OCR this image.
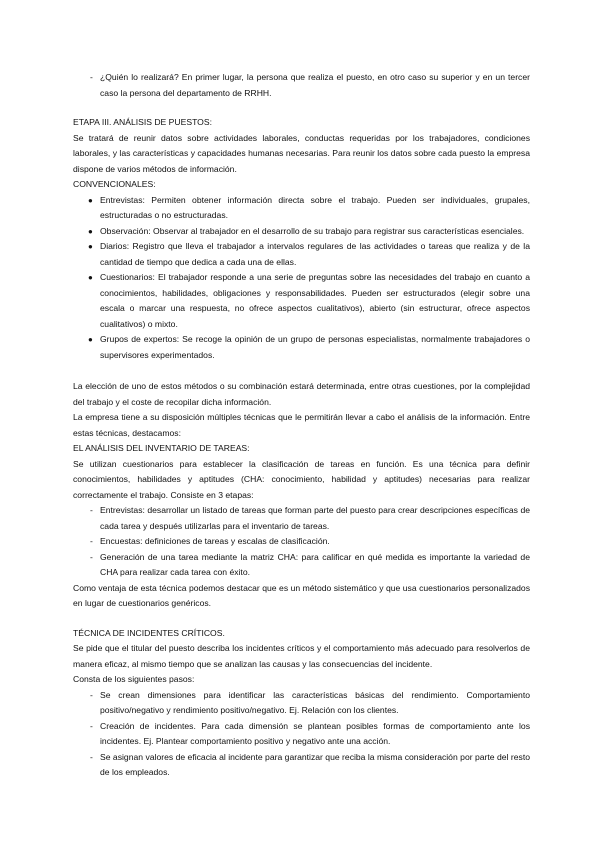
- ¿Quién lo realizará? En primer lugar, la persona que realiza el puesto, en otro caso su superior y en un tercer caso la persona del departamento de RRHH.

ETAPA III. ANÁLISIS DE PUESTOS:

Se tratará de reunir datos sobre actividades laborales, conductas requeridas por los trabajadores, condiciones laborales, y las características y capacidades humanas necesarias. Para reunir los datos sobre cada puesto la empresa dispone de varios métodos de información.

CONVENCIONALES:

● Entrevistas: Permiten obtener información directa sobre el trabajo. Pueden ser individuales, grupales, estructuradas o no estructuradas.
● Observación: Observar al trabajador en el desarrollo de su trabajo para registrar sus características esenciales.
● Diarios: Registro que lleva el trabajador a intervalos regulares de las actividades o tareas que realiza y de la cantidad de tiempo que dedica a cada una de ellas.
● Cuestionarios: El trabajador responde a una serie de preguntas sobre las necesidades del trabajo en cuanto a conocimientos, habilidades, obligaciones y responsabilidades. Pueden ser estructurados (elegir sobre una escala o marcar una respuesta, no ofrece aspectos cualitativos), abierto (sin estructurar, ofrece aspectos cualitativos) o mixto.
● Grupos de expertos: Se recoge la opinión de un grupo de personas especialistas, normalmente trabajadores o supervisores experimentados.

La elección de uno de estos métodos o su combinación estará determinada, entre otras cuestiones, por la complejidad del trabajo y el coste de recopilar dicha información.

La empresa tiene a su disposición múltiples técnicas que le permitirán llevar a cabo el análisis de la información. Entre estas técnicas, destacamos:

EL ANÁLISIS DEL INVENTARIO DE TAREAS:

Se utilizan cuestionarios para establecer la clasificación de tareas en función. Es una técnica para definir conocimientos, habilidades y aptitudes (CHA: conocimiento, habilidad y aptitudes) necesarias para realizar correctamente el trabajo. Consiste en 3 etapas:

- Entrevistas: desarrollar un listado de tareas que forman parte del puesto para crear descripciones específicas de cada tarea y después utilizarlas para el inventario de tareas.
- Encuestas: definiciones de tareas y escalas de clasificación.
- Generación de una tarea mediante la matriz CHA: para calificar en qué medida es importante la variedad de CHA para realizar cada tarea con éxito.

Como ventaja de esta técnica podemos destacar que es un método sistemático y que usa cuestionarios personalizados en lugar de cuestionarios genéricos.

TÉCNICA DE INCIDENTES CRÍTICOS.

Se pide que el titular del puesto describa los incidentes críticos y el comportamiento más adecuado para resolverlos de manera eficaz, al mismo tiempo que se analizan las causas y las consecuencias del incidente.

Consta de los siguientes pasos:

- Se crean dimensiones para identificar las características básicas del rendimiento. Comportamiento positivo/negativo y rendimiento positivo/negativo. Ej. Relación con los clientes.
- Creación de incidentes. Para cada dimensión se plantean posibles formas de comportamiento ante los incidentes. Ej. Plantear comportamiento positivo y negativo ante una acción.
- Se asignan valores de eficacia al incidente para garantizar que reciba la misma consideración por parte del resto de los empleados.
